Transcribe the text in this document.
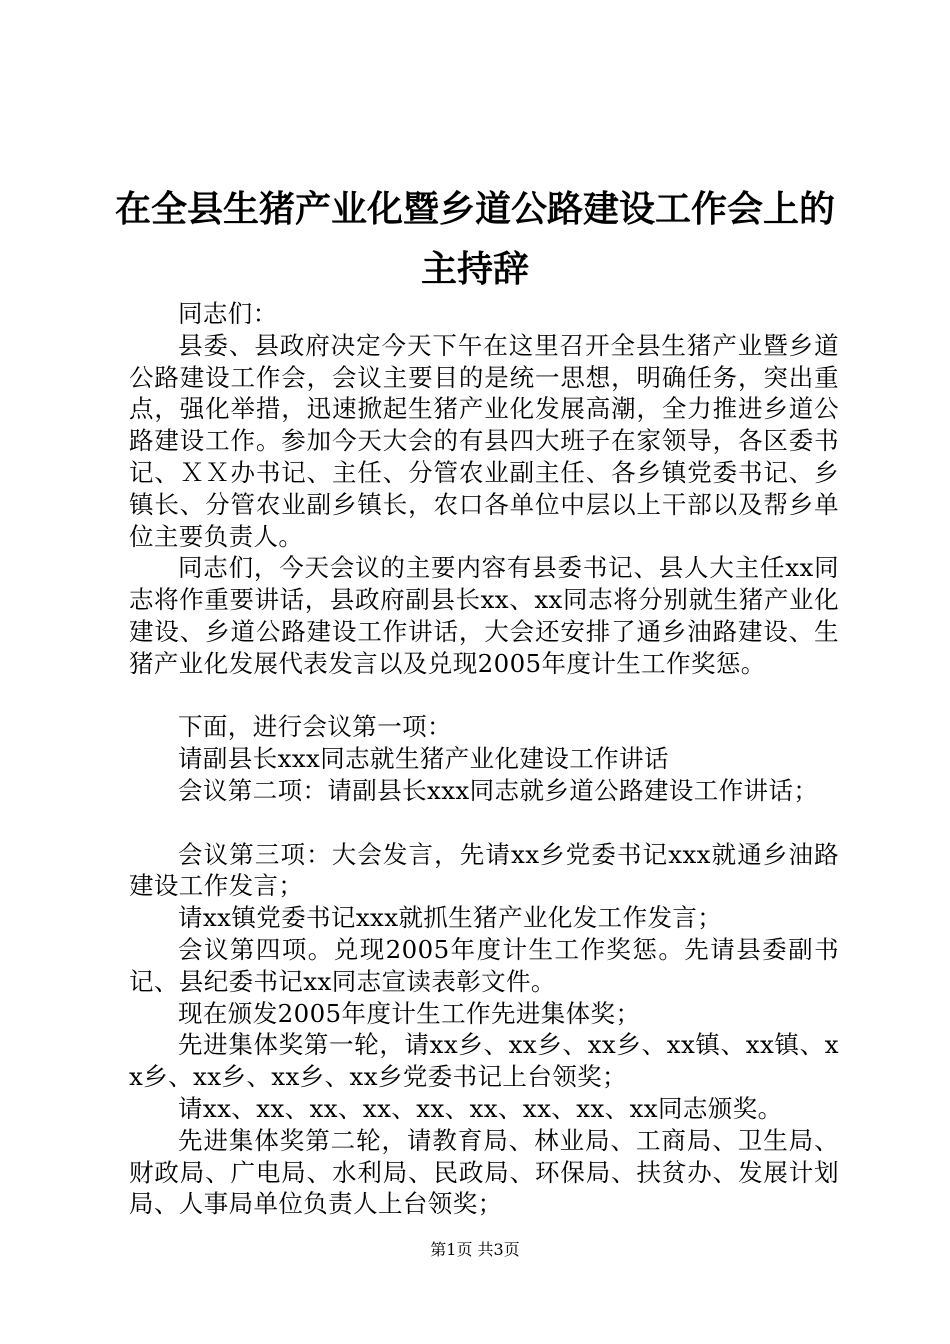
在全县生猪产业化暨乡道公路建设工作会上的
主持辞

同志们：

县委、县政府决定今天下午在这里召开全县生猪产业暨乡道公路建设工作会，会议主要目的是统一思想，明确任务，突出重点，强化举措，迅速掀起生猪产业化发展高潮，全力推进乡道公路建设工作。参加今天大会的有县四大班子在家领导，各区委书记、ＸＸ办书记、主任、分管农业副主任、各乡镇党委书记、乡镇长、分管农业副乡镇长，农口各单位中层以上干部以及帮乡单位主要负责人。

同志们，今天会议的主要内容有县委书记、县人大主任xx同志将作重要讲话，县政府副县长xx、xx同志将分别就生猪产业化建设、乡道公路建设工作讲话，大会还安排了通乡油路建设、生猪产业化发展代表发言以及兑现2005年度计生工作奖惩。

下面，进行会议第一项：

请副县长xxx同志就生猪产业化建设工作讲话

会议第二项：请副县长xxx同志就乡道公路建设工作讲话；

会议第三项：大会发言，先请xx乡党委书记xxx就通乡油路建设工作发言；

请xx镇党委书记xxx就抓生猪产业化发工作发言；

会议第四项。兑现2005年度计生工作奖惩。先请县委副书记、县纪委书记xx同志宣读表彰文件。

现在颁发2005年度计生工作先进集体奖；

先进集体奖第一轮，请xx乡、xx乡、xx乡、xx镇、xx镇、xx乡、xx乡、xx乡、xx乡党委书记上台领奖；

请xx、xx、xx、xx、xx、xx、xx、xx、xx同志颁奖。

先进集体奖第二轮，请教育局、林业局、工商局、卫生局、财政局、广电局、水利局、民政局、环保局、扶贫办、发展计划局、人事局单位负责人上台领奖；

第1页 共3页
